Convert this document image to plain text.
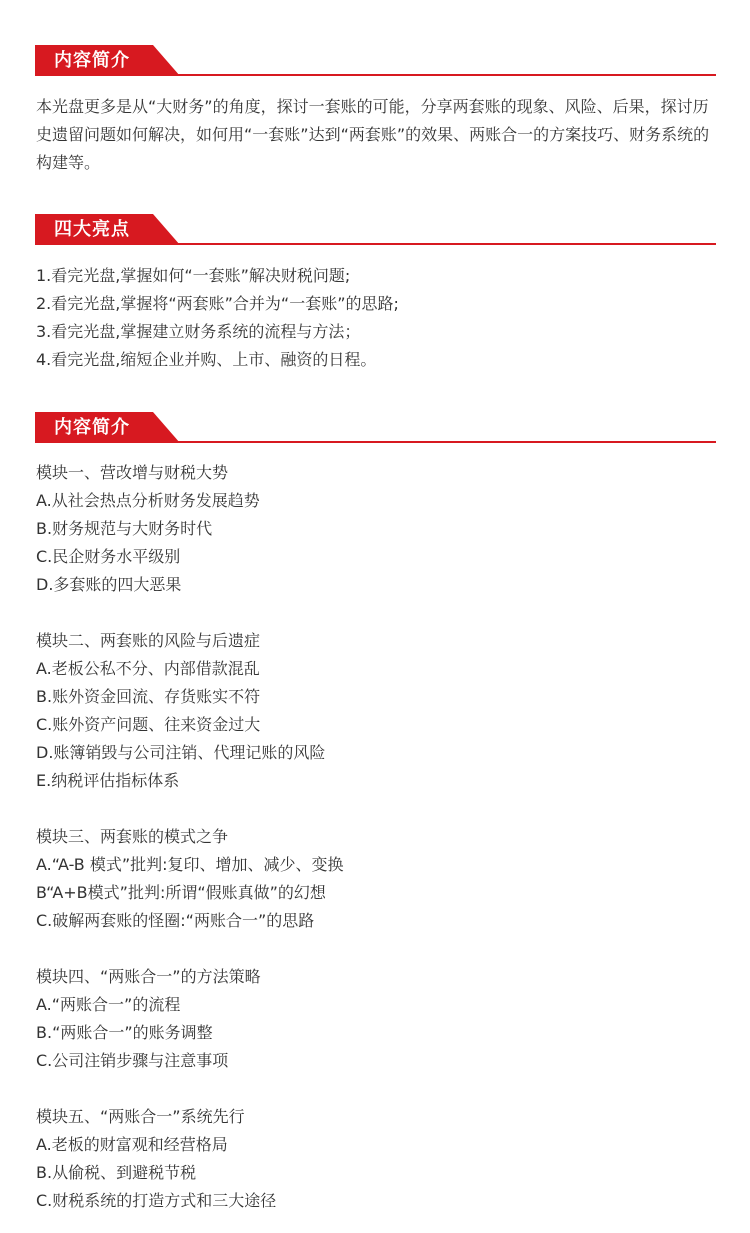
内容简介

本光盘更多是从“大财务”的角度，探讨一套账的可能，分享两套账的现象、风险、后果，探讨历史遗留问题如何解决，如何用“一套账”达到“两套账”的效果、两账合一的方案技巧、财务系统的构建等。

四大亮点
1.看完光盘,掌握如何“一套账”解决财税问题;
2.看完光盘,掌握将“两套账”合并为“一套账”的思路;
3.看完光盘,掌握建立财务系统的流程与方法；
4.看完光盘,缩短企业并购、上市、融资的日程。
内容简介
模块一、营改增与财税大势
A.从社会热点分析财务发展趋势
B.财务规范与大财务时代
C.民企财务水平级别
D.多套账的四大恶果
模块二、两套账的风险与后遗症
A.老板公私不分、内部借款混乱
B.账外资金回流、存货账实不符
C.账外资产问题、往来资金过大
D.账簿销毁与公司注销、代理记账的风险
E.纳税评估指标体系
模块三、两套账的模式之争
A.“A-B 模式”批判:复印、增加、减少、变换
B“A+B模式”批判:所谓“假账真做”的幻想
C.破解两套账的怪圈:“两账合一”的思路
模块四、“两账合一”的方法策略
A.“两账合一”的流程
B.“两账合一”的账务调整
C.公司注销步骤与注意事项
模块五、“两账合一”系统先行
A.老板的财富观和经营格局
B.从偷税、到避税节税
C.财税系统的打造方式和三大途径
